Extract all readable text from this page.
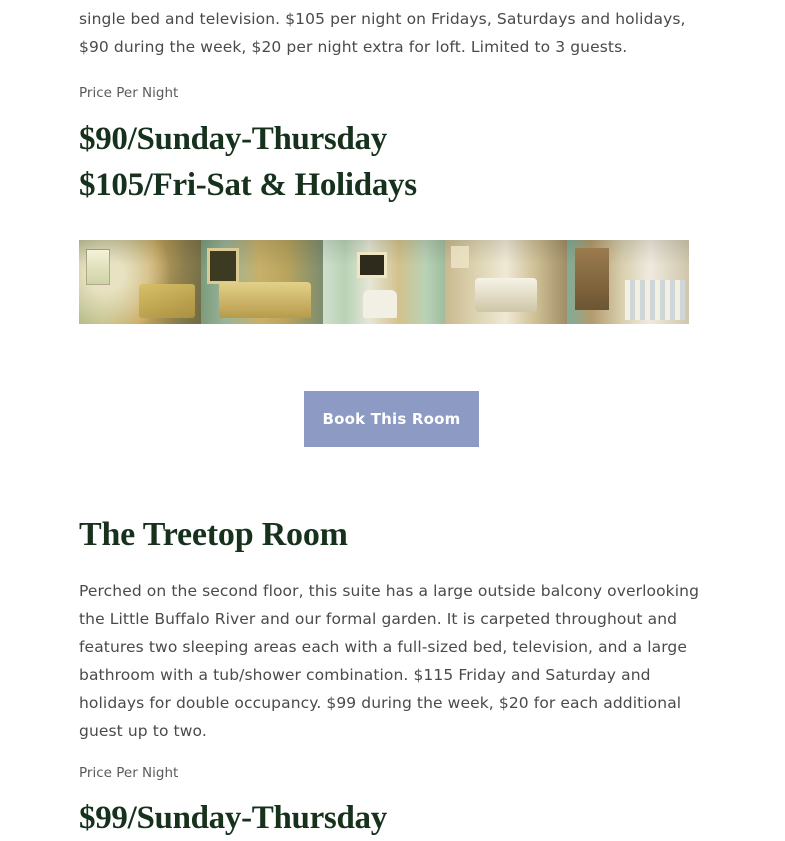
single bed and television. $105 per night on Fridays, Saturdays and holidays, $90 during the week, $20 per night extra for loft. Limited to 3 guests.

Price Per Night

$90/Sunday-Thursday

$105/Fri-Sat & Holidays

Book This Room
The Treetop Room

Perched on the second floor, this suite has a large outside balcony overlooking the Little Buffalo River and our formal garden. It is carpeted throughout and features two sleeping areas each with a full-sized bed, television, and a large bathroom with a tub/shower combination. $115 Friday and Saturday and holidays for double occupancy. $99 during the week, $20 for each additional guest up to two.

Price Per Night

$99/Sunday-Thursday
